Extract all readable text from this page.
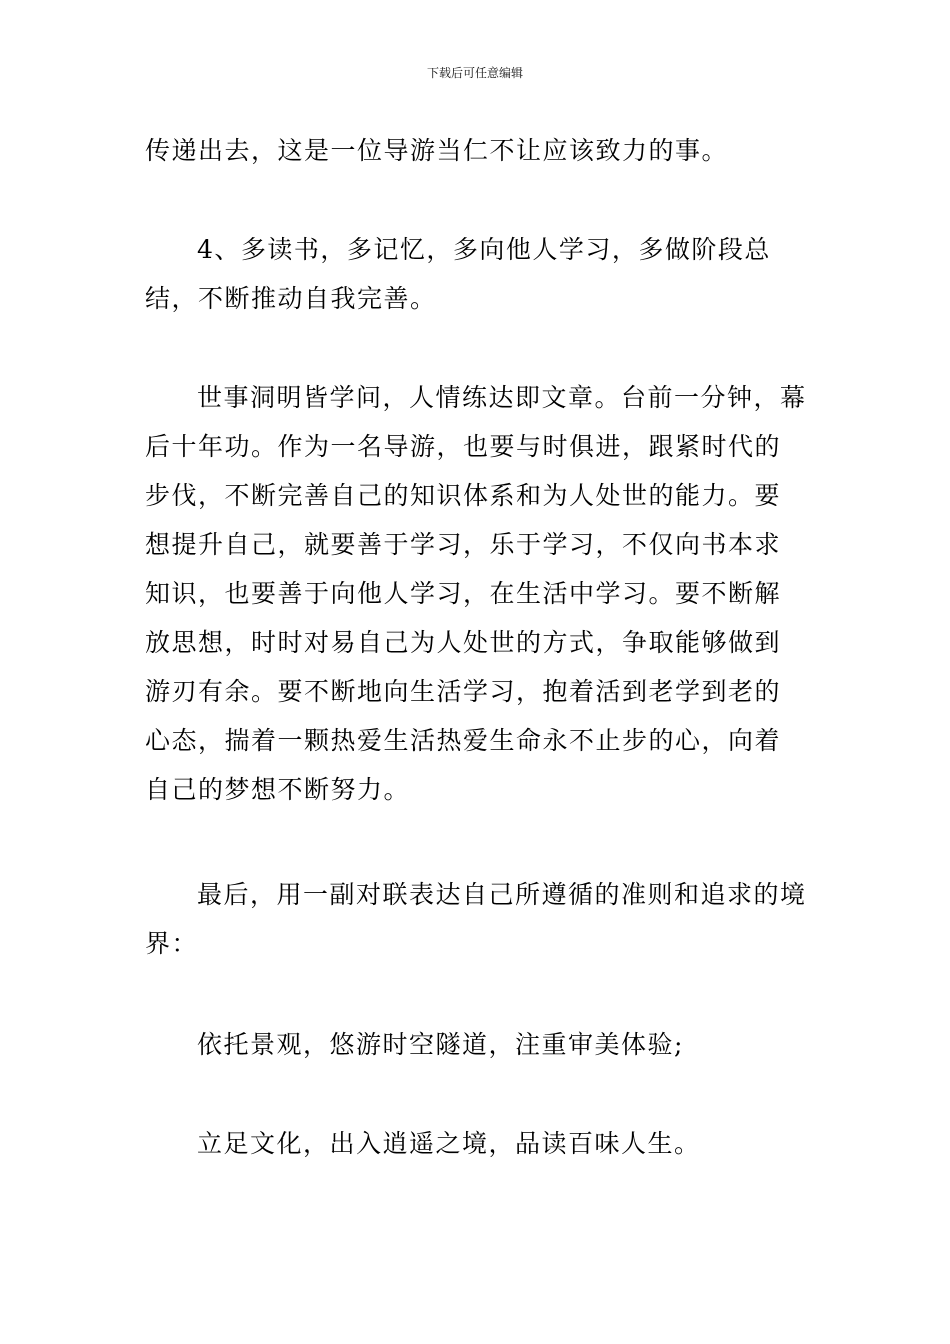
下载后可任意编辑

传递出去，这是一位导游当仁不让应该致力的事。

4、多读书，多记忆，多向他人学习，多做阶段总结，不断推动自我完善。

世事洞明皆学问，人情练达即文章。台前一分钟，幕后十年功。作为一名导游，也要与时俱进，跟紧时代的步伐，不断完善自己的知识体系和为人处世的能力。要想提升自己，就要善于学习，乐于学习，不仅向书本求知识，也要善于向他人学习，在生活中学习。要不断解放思想，时时对易自己为人处世的方式，争取能够做到游刃有余。要不断地向生活学习，抱着活到老学到老的心态，揣着一颗热爱生活热爱生命永不止步的心，向着自己的梦想不断努力。

最后，用一副对联表达自己所遵循的准则和追求的境界：

依托景观，悠游时空隧道，注重审美体验;

立足文化，出入逍遥之境，品读百味人生。
